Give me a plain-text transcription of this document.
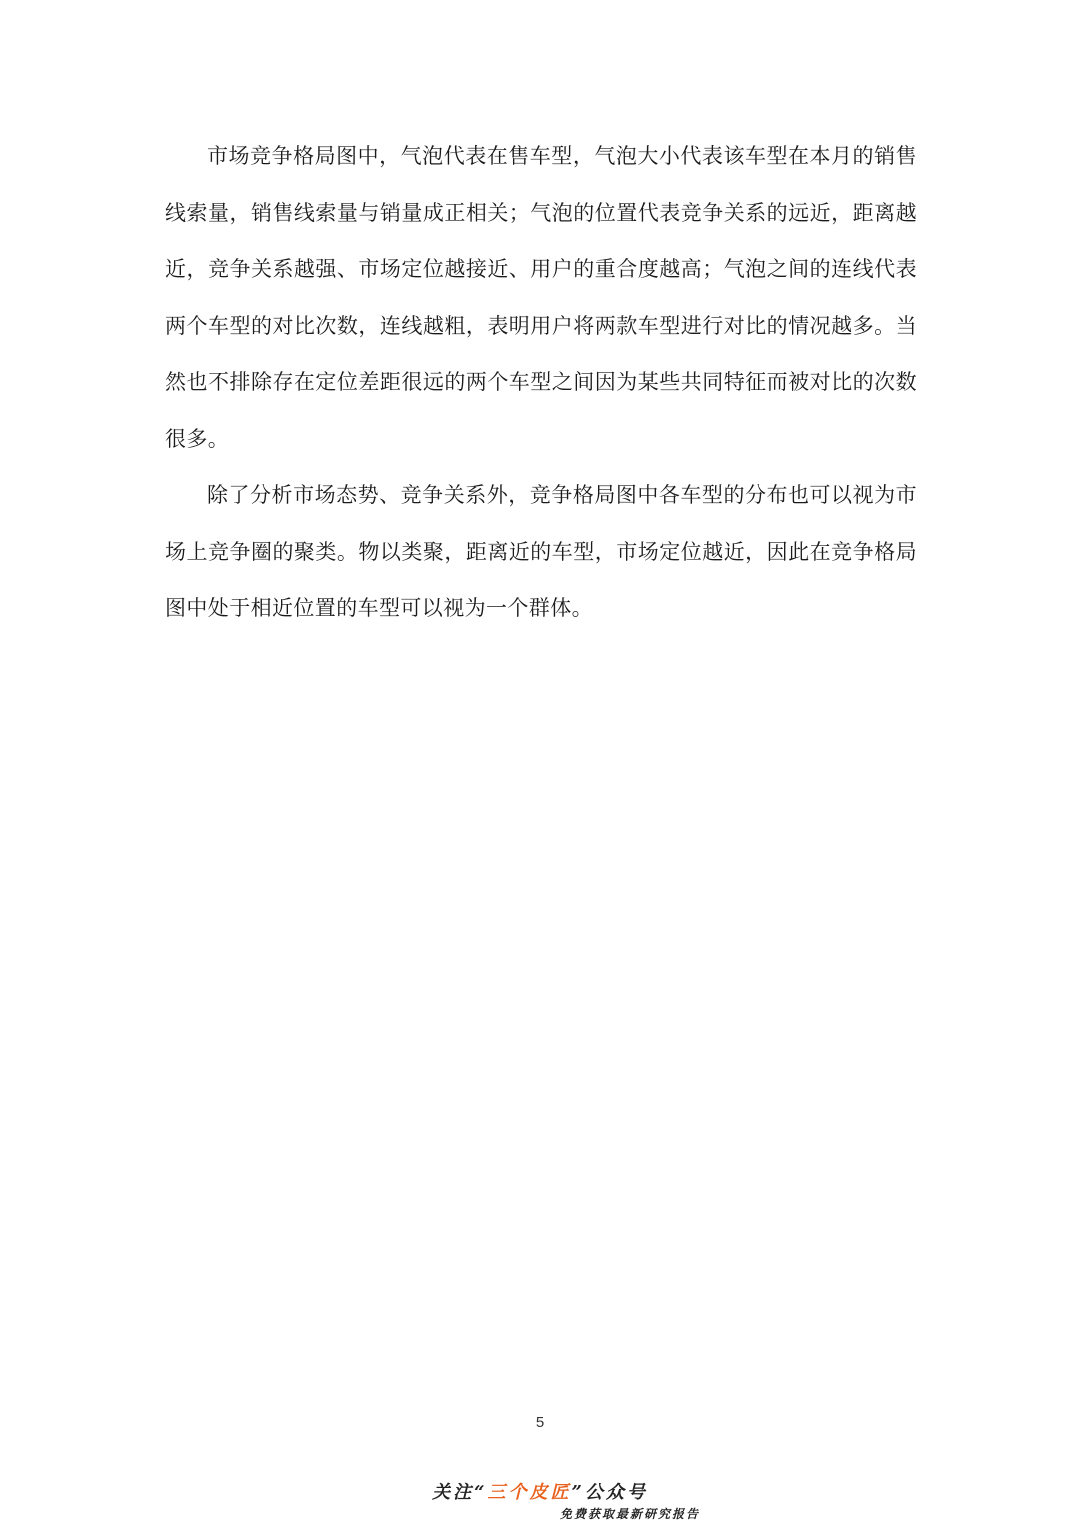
市场竞争格局图中，气泡代表在售车型，气泡大小代表该车型在本月的销售线索量，销售线索量与销量成正相关；气泡的位置代表竞争关系的远近，距离越近，竞争关系越强、市场定位越接近、用户的重合度越高；气泡之间的连线代表两个车型的对比次数，连线越粗，表明用户将两款车型进行对比的情况越多。当然也不排除存在定位差距很远的两个车型之间因为某些共同特征而被对比的次数很多。

除了分析市场态势、竞争关系外，竞争格局图中各车型的分布也可以视为市场上竞争圈的聚类。物以类聚，距离近的车型，市场定位越近，因此在竞争格局图中处于相近位置的车型可以视为一个群体。

5
关注“三个皮匠”公众号
免费获取最新研究报告
